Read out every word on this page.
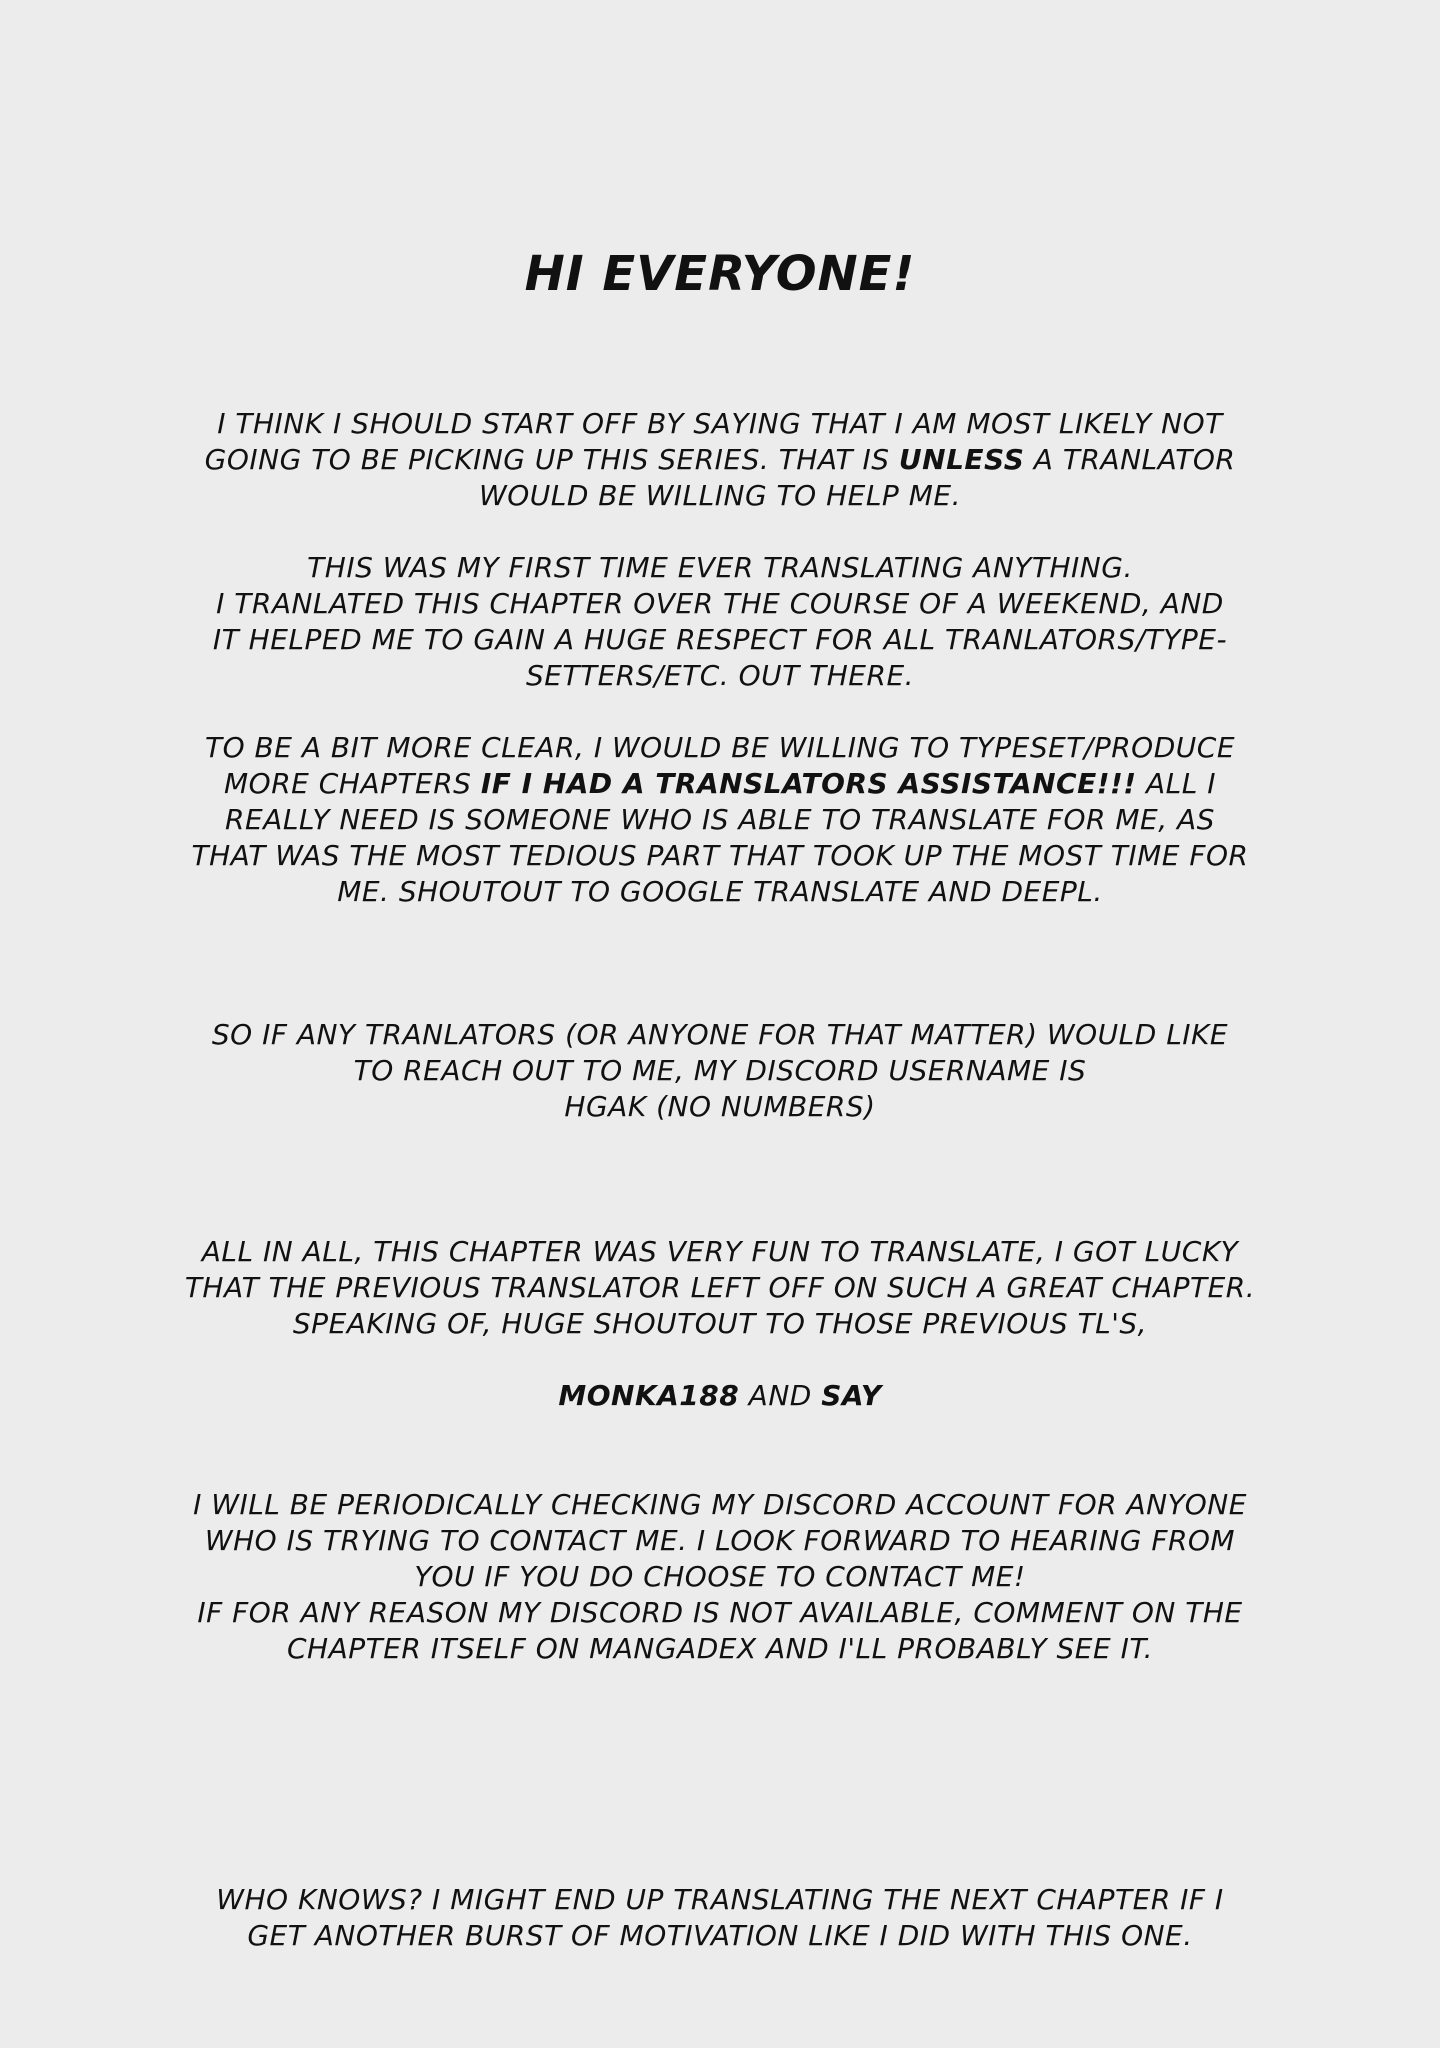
HI EVERYONE!
I THINK I SHOULD START OFF BY SAYING THAT I AM MOST LIKELY NOT
GOING TO BE PICKING UP THIS SERIES. THAT IS UNLESS A TRANLATOR
WOULD BE WILLING TO HELP ME.
THIS WAS MY FIRST TIME EVER TRANSLATING ANYTHING.
I TRANLATED THIS CHAPTER OVER THE COURSE OF A WEEKEND, AND
IT HELPED ME TO GAIN A HUGE RESPECT FOR ALL TRANLATORS/TYPE-
SETTERS/ETC. OUT THERE.
TO BE A BIT MORE CLEAR, I WOULD BE WILLING TO TYPESET/PRODUCE
MORE CHAPTERS IF I HAD A TRANSLATORS ASSISTANCE!!! ALL I
REALLY NEED IS SOMEONE WHO IS ABLE TO TRANSLATE FOR ME, AS
THAT WAS THE MOST TEDIOUS PART THAT TOOK UP THE MOST TIME FOR
ME. SHOUTOUT TO GOOGLE TRANSLATE AND DEEPL.
SO IF ANY TRANLATORS (OR ANYONE FOR THAT MATTER) WOULD LIKE
TO REACH OUT TO ME, MY DISCORD USERNAME IS
HGAK (NO NUMBERS)
ALL IN ALL, THIS CHAPTER WAS VERY FUN TO TRANSLATE, I GOT LUCKY
THAT THE PREVIOUS TRANSLATOR LEFT OFF ON SUCH A GREAT CHAPTER.
SPEAKING OF, HUGE SHOUTOUT TO THOSE PREVIOUS TL'S,
MONKA188 AND SAY
I WILL BE PERIODICALLY CHECKING MY DISCORD ACCOUNT FOR ANYONE
WHO IS TRYING TO CONTACT ME. I LOOK FORWARD TO HEARING FROM
YOU IF YOU DO CHOOSE TO CONTACT ME!
IF FOR ANY REASON MY DISCORD IS NOT AVAILABLE, COMMENT ON THE
CHAPTER ITSELF ON MANGADEX AND I'LL PROBABLY SEE IT.
WHO KNOWS? I MIGHT END UP TRANSLATING THE NEXT CHAPTER IF I
GET ANOTHER BURST OF MOTIVATION LIKE I DID WITH THIS ONE.
